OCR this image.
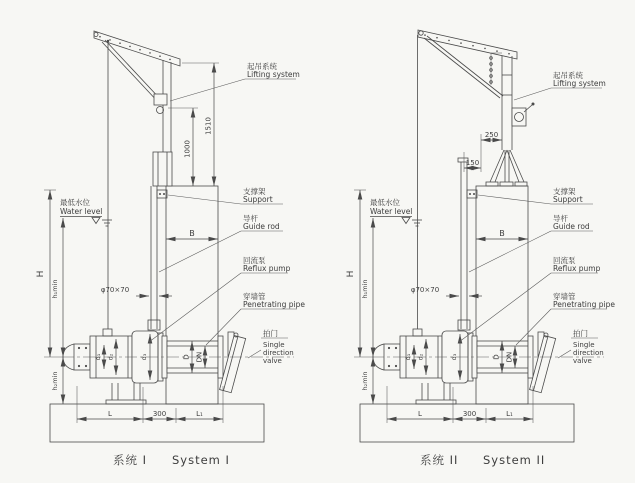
1510
1000
起吊系统
Lifting system
系统 I System I
250
150
起吊系统
Lifting system
系统 II System II
